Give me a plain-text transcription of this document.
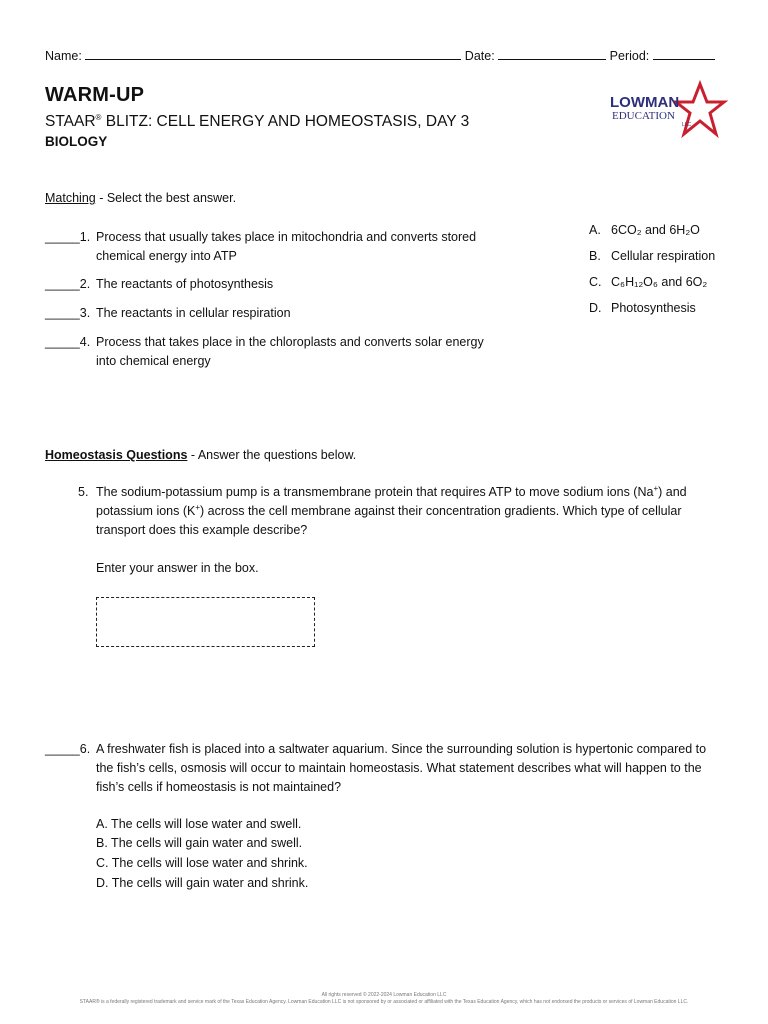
Name:	Date:	Period:
WARM-UP
STAAR® BLITZ: CELL ENERGY AND HOMEOSTASIS, DAY 3
BIOLOGY
LOWMAN
EDUCATION
LLC
Matching - Select the best answer.
_____1. Process that usually takes place in mitochondria and converts stored chemical energy into ATP
_____2. The reactants of photosynthesis
_____3. The reactants in cellular respiration
_____4. Process that takes place in the chloroplasts and converts solar energy into chemical energy
A. 6CO₂ and 6H₂O
B. Cellular respiration
C. C₆H₁₂O₆ and 6O₂
D. Photosynthesis
Homeostasis Questions - Answer the questions below.
5. The sodium-potassium pump is a transmembrane protein that requires ATP to move sodium ions (Na+) and potassium ions (K+) across the cell membrane against their concentration gradients. Which type of cellular transport does this example describe?
Enter your answer in the box.
_____6. A freshwater fish is placed into a saltwater aquarium. Since the surrounding solution is hypertonic compared to the fish’s cells, osmosis will occur to maintain homeostasis. What statement describes what will happen to the fish’s cells if homeostasis is not maintained?
A. The cells will lose water and swell.
B. The cells will gain water and swell.
C. The cells will lose water and shrink.
D. The cells will gain water and shrink.
All rights reserved © 2022-2024 Lowman Education LLC
STAAR® is a federally registered trademark and service mark of the Texas Education Agency. Lowman Education LLC is not sponsored by or associated or affiliated with the Texas Education Agency, which has not endorsed the products or services of Lowman Education LLC.
